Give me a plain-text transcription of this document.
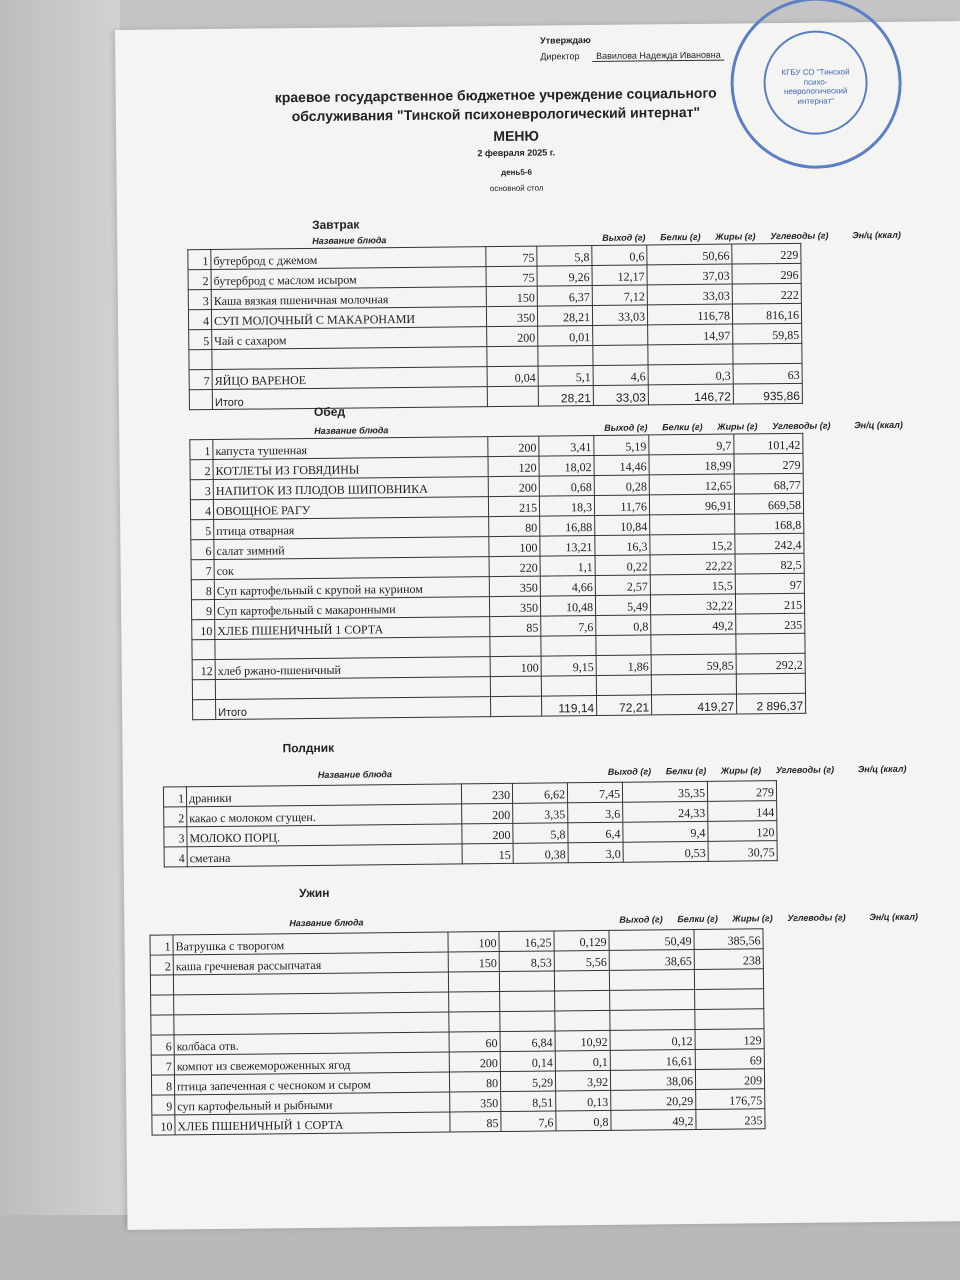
Утверждаю
Директор Вавилова Надежда Ивановна
КГБУ СО "Тинской психо-неврологический интернат"
краевое государственное бюджетное учреждение социального
обслуживания "Тинской психоневрологический интернат"
МЕНЮ
2 февраля 2025 г.
день5-6
основной стол
Завтрак
Название блюда	Выход (г) Белки (г) Жиры (г) Углеводы (г)	Эн/ц (ккал)
1	бутерброд с джемом	75	5,8	0,6	50,66	229
2	бутерброд с маслом исыром	75	9,26	12,17	37,03	296
3	Каша вязкая пшеничная молочная	150	6,37	7,12	33,03	222
4	СУП МОЛОЧНЫЙ С МАКАРОНАМИ	350	28,21	33,03	116,78	816,16
5	Чай с сахаром	200	0,01		14,97	59,85

7	ЯЙЦО ВАРЕНОЕ	0,04	5,1	4,6	0,3	63
	Итого		28,21	33,03	146,72	935,86
Обед
Название блюда	Выход (г) Белки (г) Жиры (г) Углеводы (г)	Эн/ц (ккал)
1	капуста тушенная	200	3,41	5,19	9,7	101,42
2	КОТЛЕТЫ ИЗ ГОВЯДИНЫ	120	18,02	14,46	18,99	279
3	НАПИТОК ИЗ ПЛОДОВ ШИПОВНИКА	200	0,68	0,28	12,65	68,77
4	ОВОЩНОЕ РАГУ	215	18,3	11,76	96,91	669,58
5	птица отварная	80	16,88	10,84		168,8
6	салат зимний	100	13,21	16,3	15,2	242,4
7	сок	220	1,1	0,22	22,22	82,5
8	Суп картофельный с крупой на курином	350	4,66	2,57	15,5	97
9	Суп картофельный с макаронными	350	10,48	5,49	32,22	215
10	ХЛЕБ ПШЕНИЧНЫЙ 1 СОРТА	85	7,6	0,8	49,2	235

12	хлеб ржано-пшеничный	100	9,15	1,86	59,85	292,2

	Итого		119,14	72,21	419,27	2 896,37
Полдник
Название блюда	Выход (г) Белки (г) Жиры (г) Углеводы (г)	Эн/ц (ккал)
1	драники	230	6,62	7,45	35,35	279
2	какао с молоком сгущен.	200	3,35	3,6	24,33	144
3	МОЛОКО ПОРЦ.	200	5,8	6,4	9,4	120
4	сметана	15	0,38	3,0	0,53	30,75
Ужин
Название блюда	Выход (г) Белки (г) Жиры (г) Углеводы (г)	Эн/ц (ккал)
1	Ватрушка с творогом	100	16,25	0,129	50,49	385,56
2	каша гречневая рассыпчатая	150	8,53	5,56	38,65	238

6	колбаса отв.	60	6,84	10,92	0,12	129
7	компот из свежемороженных ягод	200	0,14	0,1	16,61	69
8	птица запеченная с чесноком и сыром	80	5,29	3,92	38,06	209
9	суп картофельный и рыбными	350	8,51	0,13	20,29	176,75
10	ХЛЕБ ПШЕНИЧНЫЙ 1 СОРТА	85	7,6	0,8	49,2	235
